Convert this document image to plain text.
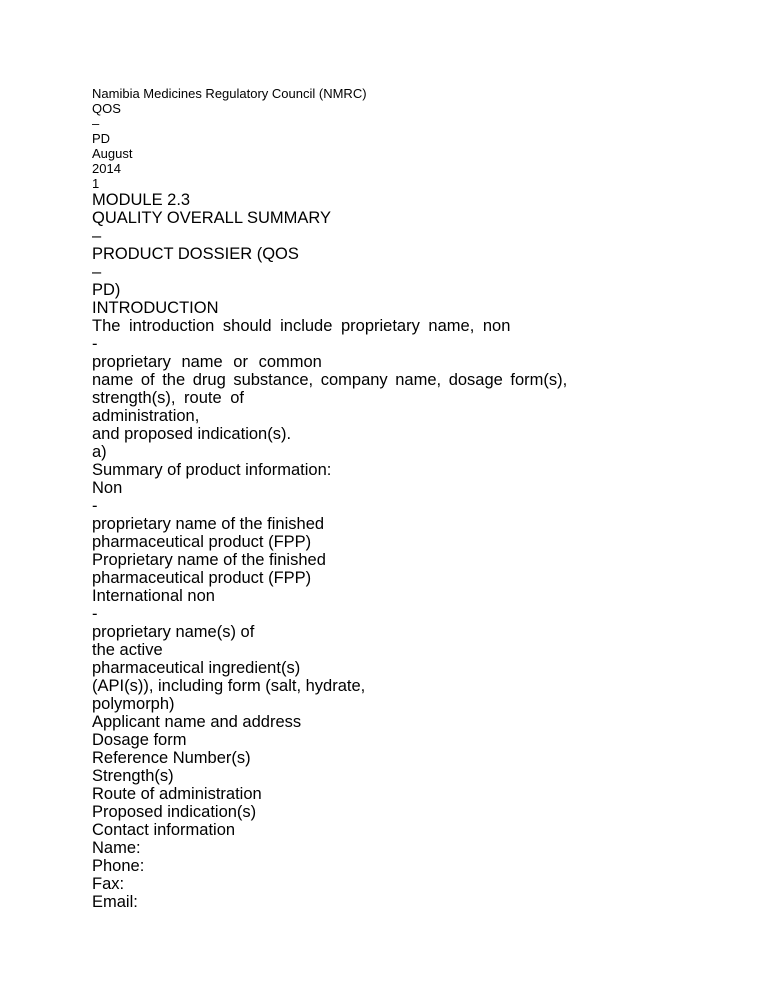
Namibia Medicines Regulatory Council (NMRC)
QOS
–
PD
August
2014
1
MODULE 2.3
QUALITY OVERALL SUMMARY
–
PRODUCT DOSSIER (QOS
–
PD)
INTRODUCTION
The introduction should include proprietary name, non
-
proprietary name or common
name of the drug substance, company name, dosage form(s),
strength(s), route of
administration,
and proposed indication(s).
a)
Summary of product information:
Non
-
proprietary name of the finished
pharmaceutical product (FPP)
Proprietary name of the finished
pharmaceutical product (FPP)
International non
-
proprietary name(s) of
the active
pharmaceutical ingredient(s)
(API(s)), including form (salt, hydrate,
polymorph)
Applicant name and address
Dosage form
Reference Number(s)
Strength(s)
Route of administration
Proposed indication(s)
Contact information
Name:
Phone:
Fax:
Email:
